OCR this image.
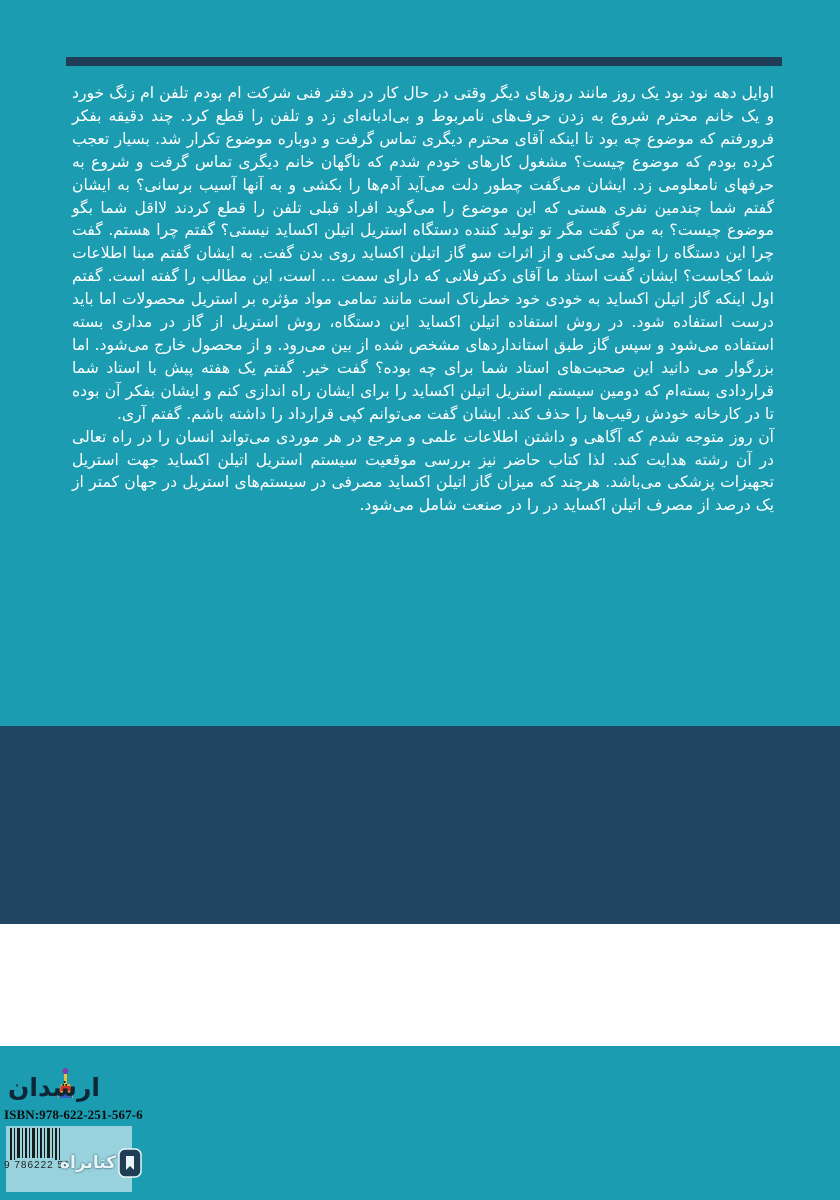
اوایل دهه نود بود یک روز مانند روزهای دیگر وقتی در حال کار در دفتر فنی شرکت ام بودم تلفن ام زنگ خورد و یک خانم محترم شروع به زدن حرف‌های نامربوط و بی‌ادبانه‌ای زد و تلفن را قطع کرد. چند دقیقه بفکر فرورفتم که موضوع چه بود تا اینکه آقای محترم دیگری تماس گرفت و دوباره موضوع تکرار شد. بسیار تعجب کرده بودم که موضوع چیست؟ مشغول کارهای خودم شدم که ناگهان خانم دیگری تماس گرفت و شروع به حرفهای نامعلومی زد. ایشان می‌گفت چطور دلت می‌آید آدم‌ها را بکشی و به آنها آسیب برسانی؟ به ایشان گفتم شما چندمین نفری هستی که این موضوع را می‌گوید افراد قبلی تلفن را قطع کردند لااقل شما بگو موضوع چیست؟ به من گفت مگر تو تولید کننده دستگاه استریل اتیلن اکساید نیستی؟ گفتم چرا هستم. گفت چرا این دستگاه را تولید می‌کنی و از اثرات سو گاز اتیلن اکساید روی بدن گفت. به ایشان گفتم مبنا اطلاعات شما کجاست؟ ایشان گفت استاد ما آقای دکترفلانی که دارای سمت ... است، این مطالب را گفته است. گفتم اول اینکه گاز اتیلن اکساید به خودی خود خطرناک است مانند تمامی مواد مؤثره بر استریل محصولات اما باید درست استفاده شود. در روش استفاده اتیلن اکساید این دستگاه، روش استریل از گاز در مداری بسته استفاده می‌شود و سپس گاز طبق استانداردهای مشخص شده از بین می‌رود. و از محصول خارج می‌شود. اما بزرگوار می دانید این صحبت‌های استاد شما برای چه بوده؟ گفت خیر. گفتم یک هفته پیش با استاد شما قراردادی بسته‌ام که دومین سیستم استریل اتیلن اکساید را برای ایشان راه اندازی کنم و ایشان بفکر آن بوده تا در کارخانه خودش رقیب‌ها را حذف کند. ایشان گفت می‌توانم کپی قرارداد را داشته باشم. گفتم آری.

آن روز متوجه شدم که آگاهی و داشتن اطلاعات علمی و مرجع در هر موردی می‌تواند انسان را در راه تعالی در آن رشته هدایت کند. لذا کتاب حاضر نیز بررسی موقعیت سیستم استریل اتیلن اکساید جهت استریل تجهیزات پزشکی می‌باشد. هرچند که میزان گاز اتیلن اکساید مصرفی در سیستم‌های استریل در جهان کمتر از یک درصد از مصرف اتیلن اکساید در را در صنعت شامل می‌شود.

ارشدان
ISBN:978-622-251-567-6
9 786222 51
کتابراه
